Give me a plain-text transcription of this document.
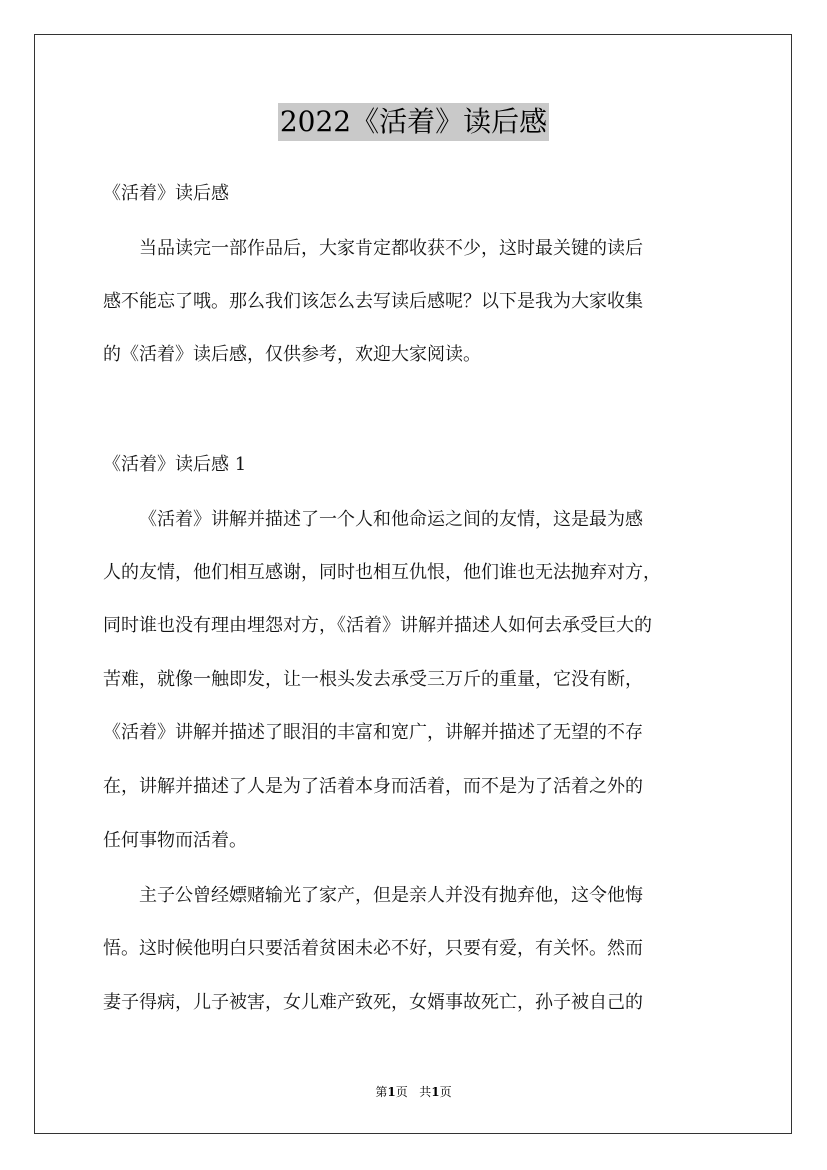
2022《活着》读后感
《活着》读后感
当品读完一部作品后，大家肯定都收获不少，这时最关键的读后
感不能忘了哦。那么我们该怎么去写读后感呢？以下是我为大家收集
的《活着》读后感，仅供参考，欢迎大家阅读。
《活着》读后感 1
《活着》讲解并描述了一个人和他命运之间的友情，这是最为感
人的友情，他们相互感谢，同时也相互仇恨，他们谁也无法抛弃对方，
同时谁也没有理由埋怨对方，《活着》讲解并描述人如何去承受巨大的
苦难，就像一触即发，让一根头发去承受三万斤的重量，它没有断，
《活着》讲解并描述了眼泪的丰富和宽广，讲解并描述了无望的不存
在，讲解并描述了人是为了活着本身而活着，而不是为了活着之外的
任何事物而活着。
主子公曾经嫖赌输光了家产，但是亲人并没有抛弃他，这令他悔
悟。这时候他明白只要活着贫困未必不好，只要有爱，有关怀。然而
妻子得病，儿子被害，女儿难产致死，女婿事故死亡，孙子被自己的
第1页 共1页
